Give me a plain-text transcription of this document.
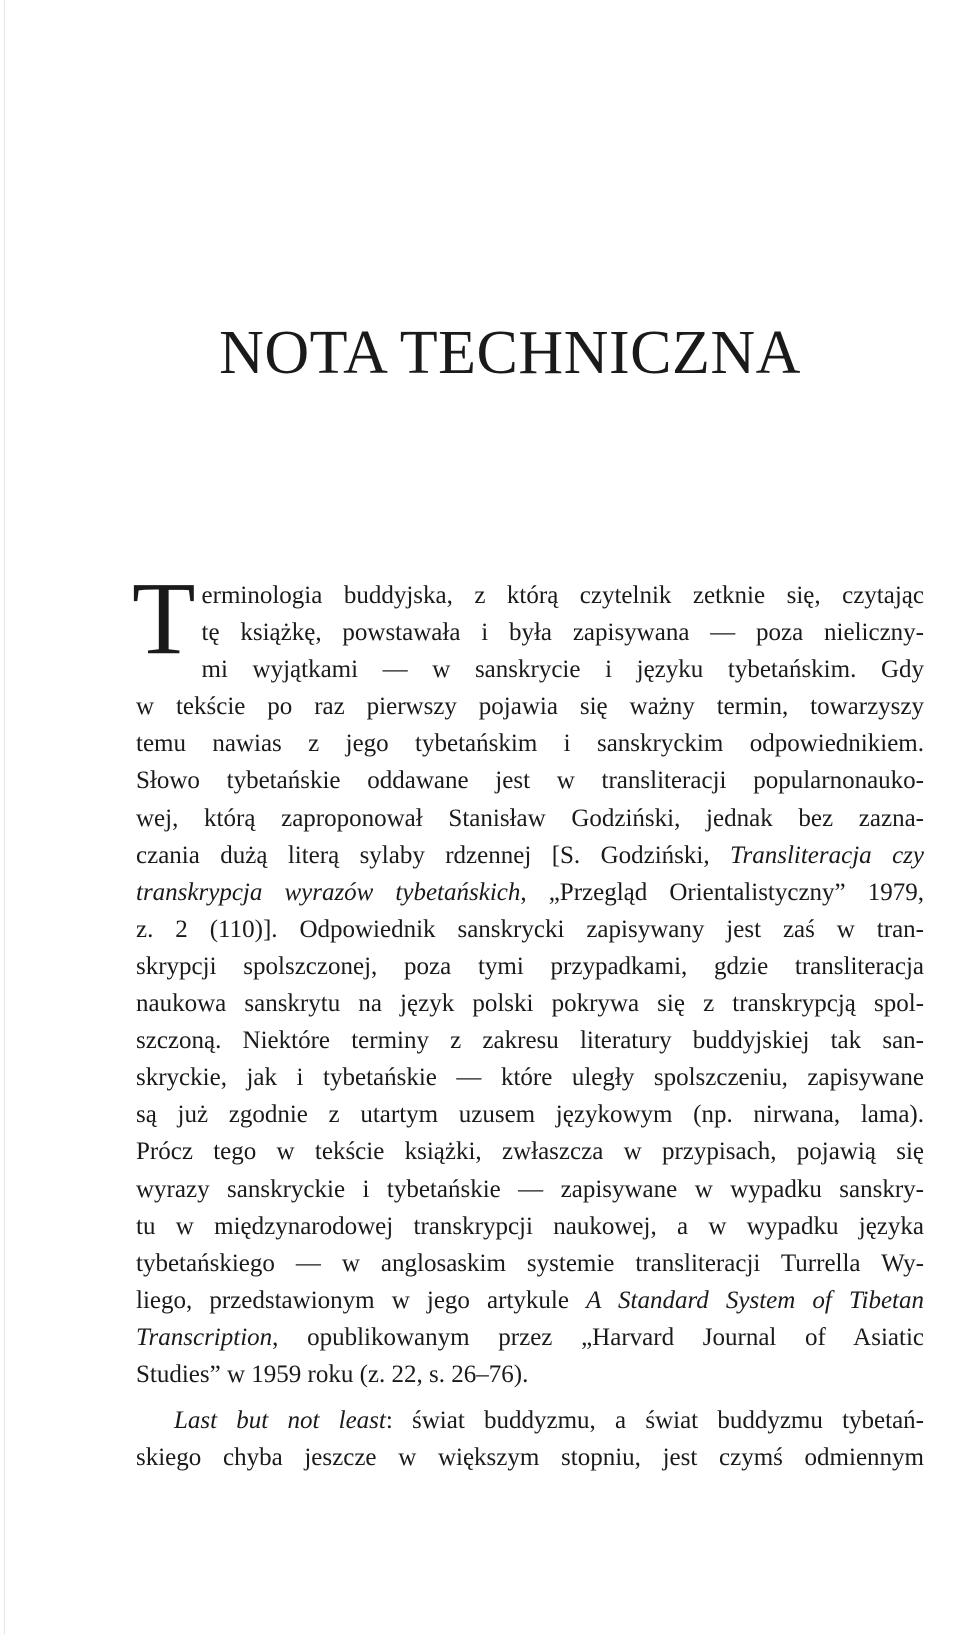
NOTA TECHNICZNA
T erminologia buddyjska, z którą czytelnik zetknie się, czytając
tę książkę, powstawała i była zapisywana — poza nieliczny-
mi wyjątkami — w sanskrycie i języku tybetańskim. Gdy
w tekście po raz pierwszy pojawia się ważny termin, towarzyszy
temu nawias z jego tybetańskim i sanskryckim odpowiednikiem.
Słowo tybetańskie oddawane jest w transliteracji popularnonauko-
wej, którą zaproponował Stanisław Godziński, jednak bez zazna-
czania dużą literą sylaby rdzennej [S. Godziński, Transliteracja czy
transkrypcja wyrazów tybetańskich, „Przegląd Orientalistyczny” 1979,
z. 2 (110)]. Odpowiednik sanskrycki zapisywany jest zaś w tran-
skrypcji spolszczonej, poza tymi przypadkami, gdzie transliteracja
naukowa sanskrytu na język polski pokrywa się z transkrypcją spol-
szczoną. Niektóre terminy z zakresu literatury buddyjskiej tak san-
skryckie, jak i tybetańskie — które uległy spolszczeniu, zapisywane
są już zgodnie z utartym uzusem językowym (np. nirwana, lama).
Prócz tego w tekście książki, zwłaszcza w przypisach, pojawią się
wyrazy sanskryckie i tybetańskie — zapisywane w wypadku sanskry-
tu w międzynarodowej transkrypcji naukowej, a w wypadku języka
tybetańskiego — w anglosaskim systemie transliteracji Turrella Wy-
liego, przedstawionym w jego artykule A Standard System of Tibetan
Transcription, opublikowanym przez „Harvard Journal of Asiatic
Studies” w 1959 roku (z. 22, s. 26–76).
Last but not least: świat buddyzmu, a świat buddyzmu tybetań-
skiego chyba jeszcze w większym stopniu, jest czymś odmiennym
